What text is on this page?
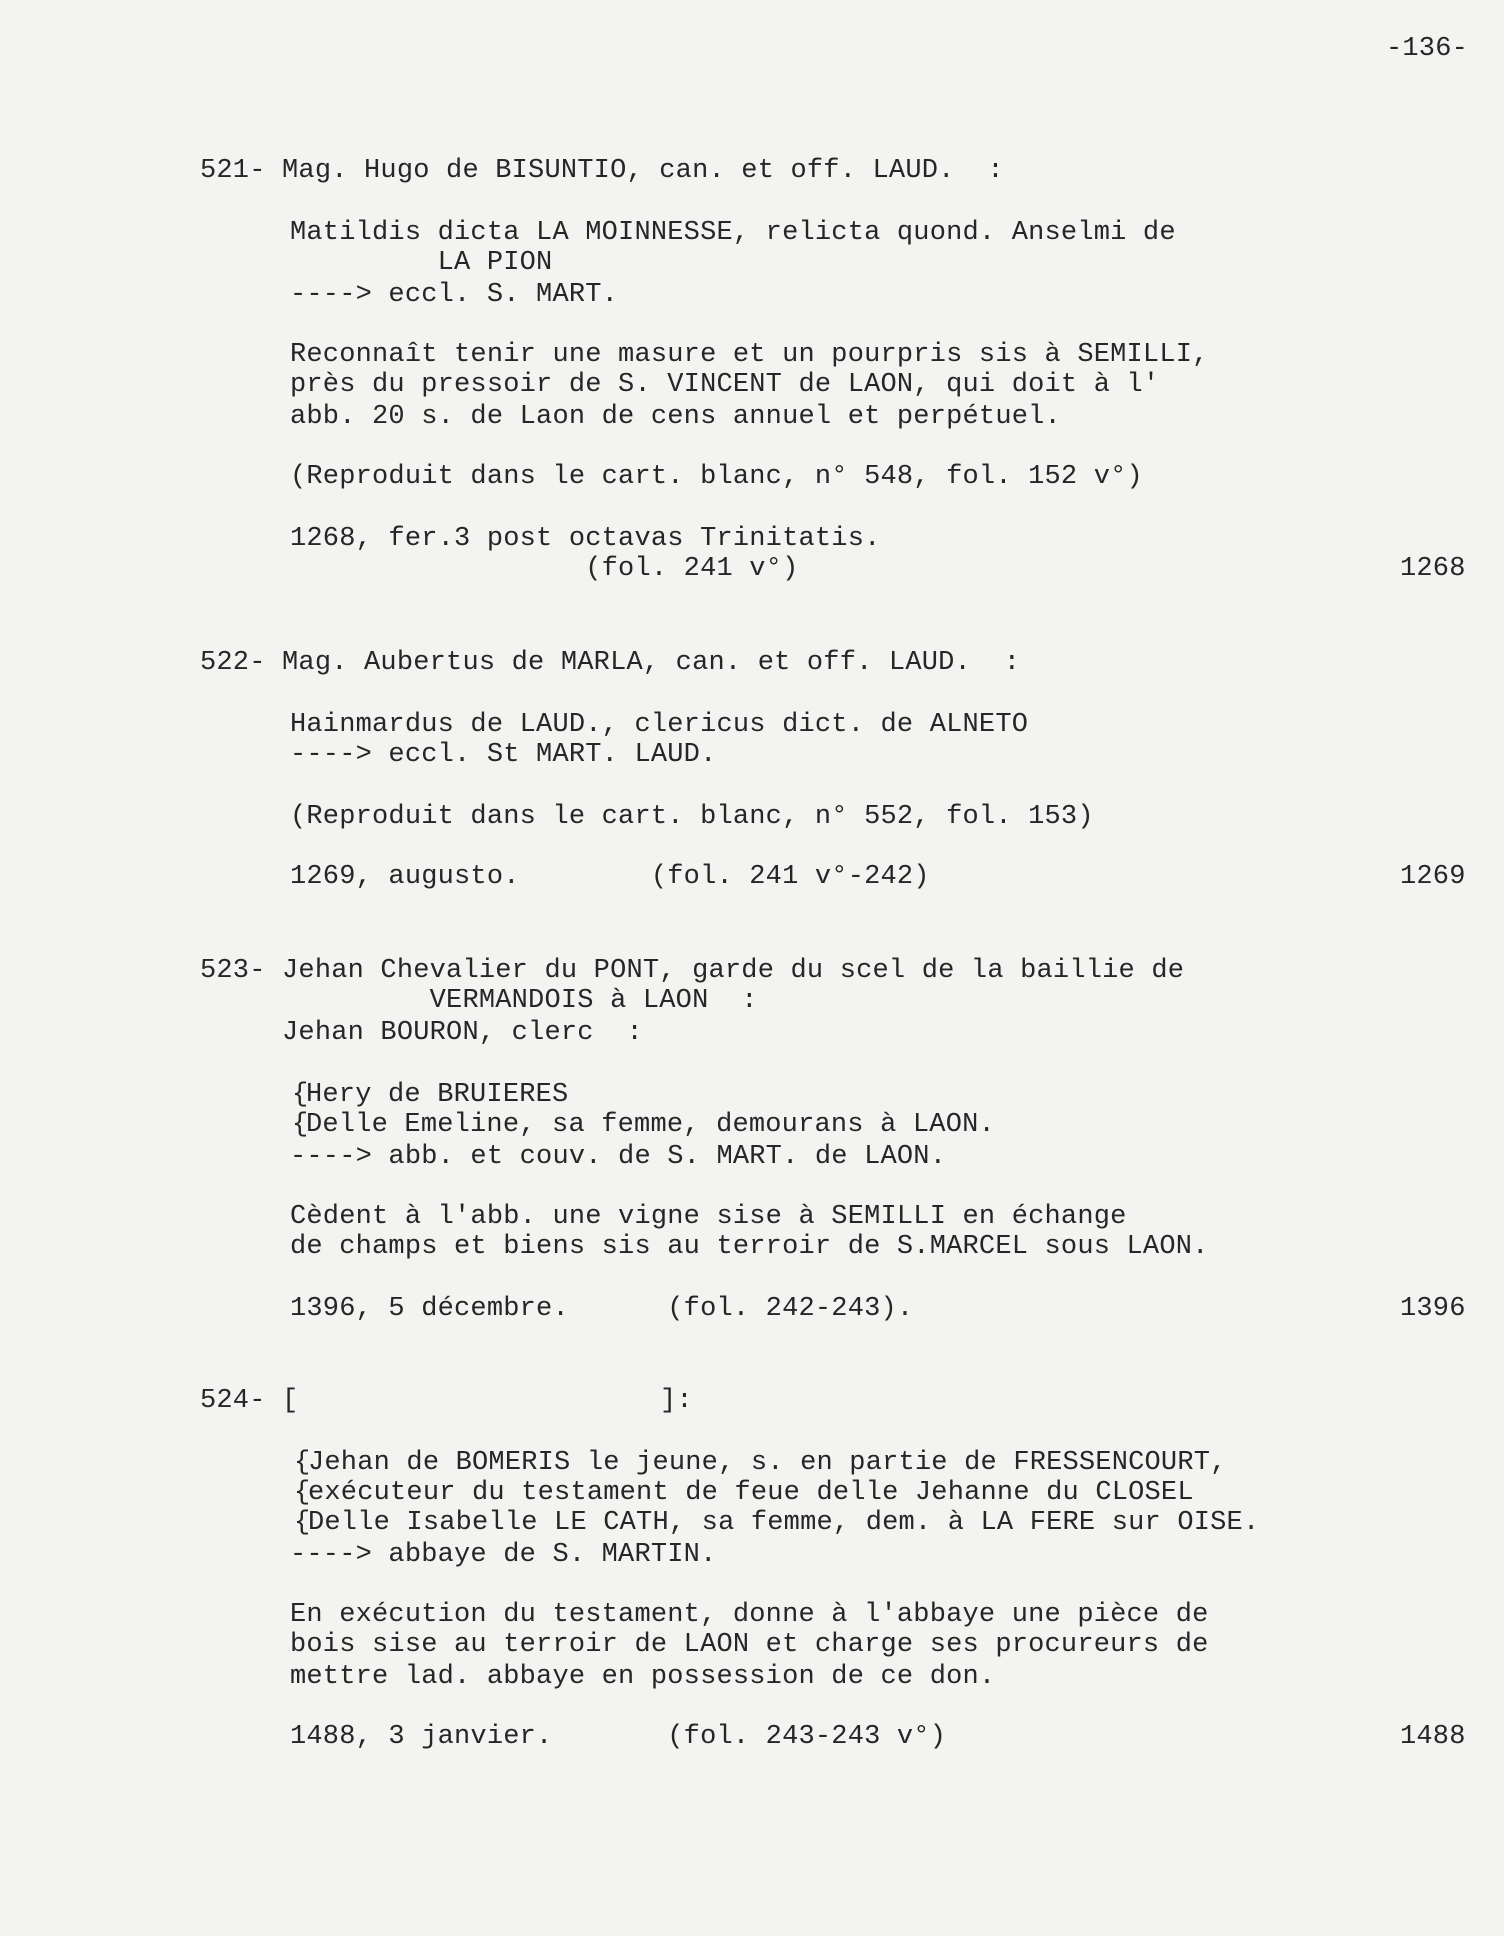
-136-
521- Mag. Hugo de BISUNTIO, can. et off. LAUD.  :
Matildis dicta LA MOINNESSE, relicta quond. Anselmi de
LA PION
----> eccl. S. MART.
Reconnaît tenir une masure et un pourpris sis à SEMILLI,
près du pressoir de S. VINCENT de LAON, qui doit à l'
abb. 20 s. de Laon de cens annuel et perpétuel.
(Reproduit dans le cart. blanc, n° 548, fol. 152 v°)
1268, fer.3 post octavas Trinitatis.
(fol. 241 v°)	1268
522- Mag. Aubertus de MARLA, can. et off. LAUD.  :
Hainmardus de LAUD., clericus dict. de ALNETO
----> eccl. St MART. LAUD.
(Reproduit dans le cart. blanc, n° 552, fol. 153)
1269, augusto.        (fol. 241 v°-242)	1269
523- Jehan Chevalier du PONT, garde du scel de la baillie de
VERMANDOIS à LAON  :
Jehan BOURON, clerc  :
{
{
Hery de BRUIERES
Delle Emeline, sa femme, demourans à LAON.
----> abb. et couv. de S. MART. de LAON.
Cèdent à l'abb. une vigne sise à SEMILLI en échange
de champs et biens sis au terroir de S.MARCEL sous LAON.
1396, 5 décembre.      (fol. 242-243).	1396
524- [	]:
{
{
{
Jehan de BOMERIS le jeune, s. en partie de FRESSENCOURT,
exécuteur du testament de feue delle Jehanne du CLOSEL
Delle Isabelle LE CATH, sa femme, dem. à LA FERE sur OISE.
----> abbaye de S. MARTIN.
En exécution du testament, donne à l'abbaye une pièce de
bois sise au terroir de LAON et charge ses procureurs de
mettre lad. abbaye en possession de ce don.
1488, 3 janvier.       (fol. 243-243 v°)	1488
